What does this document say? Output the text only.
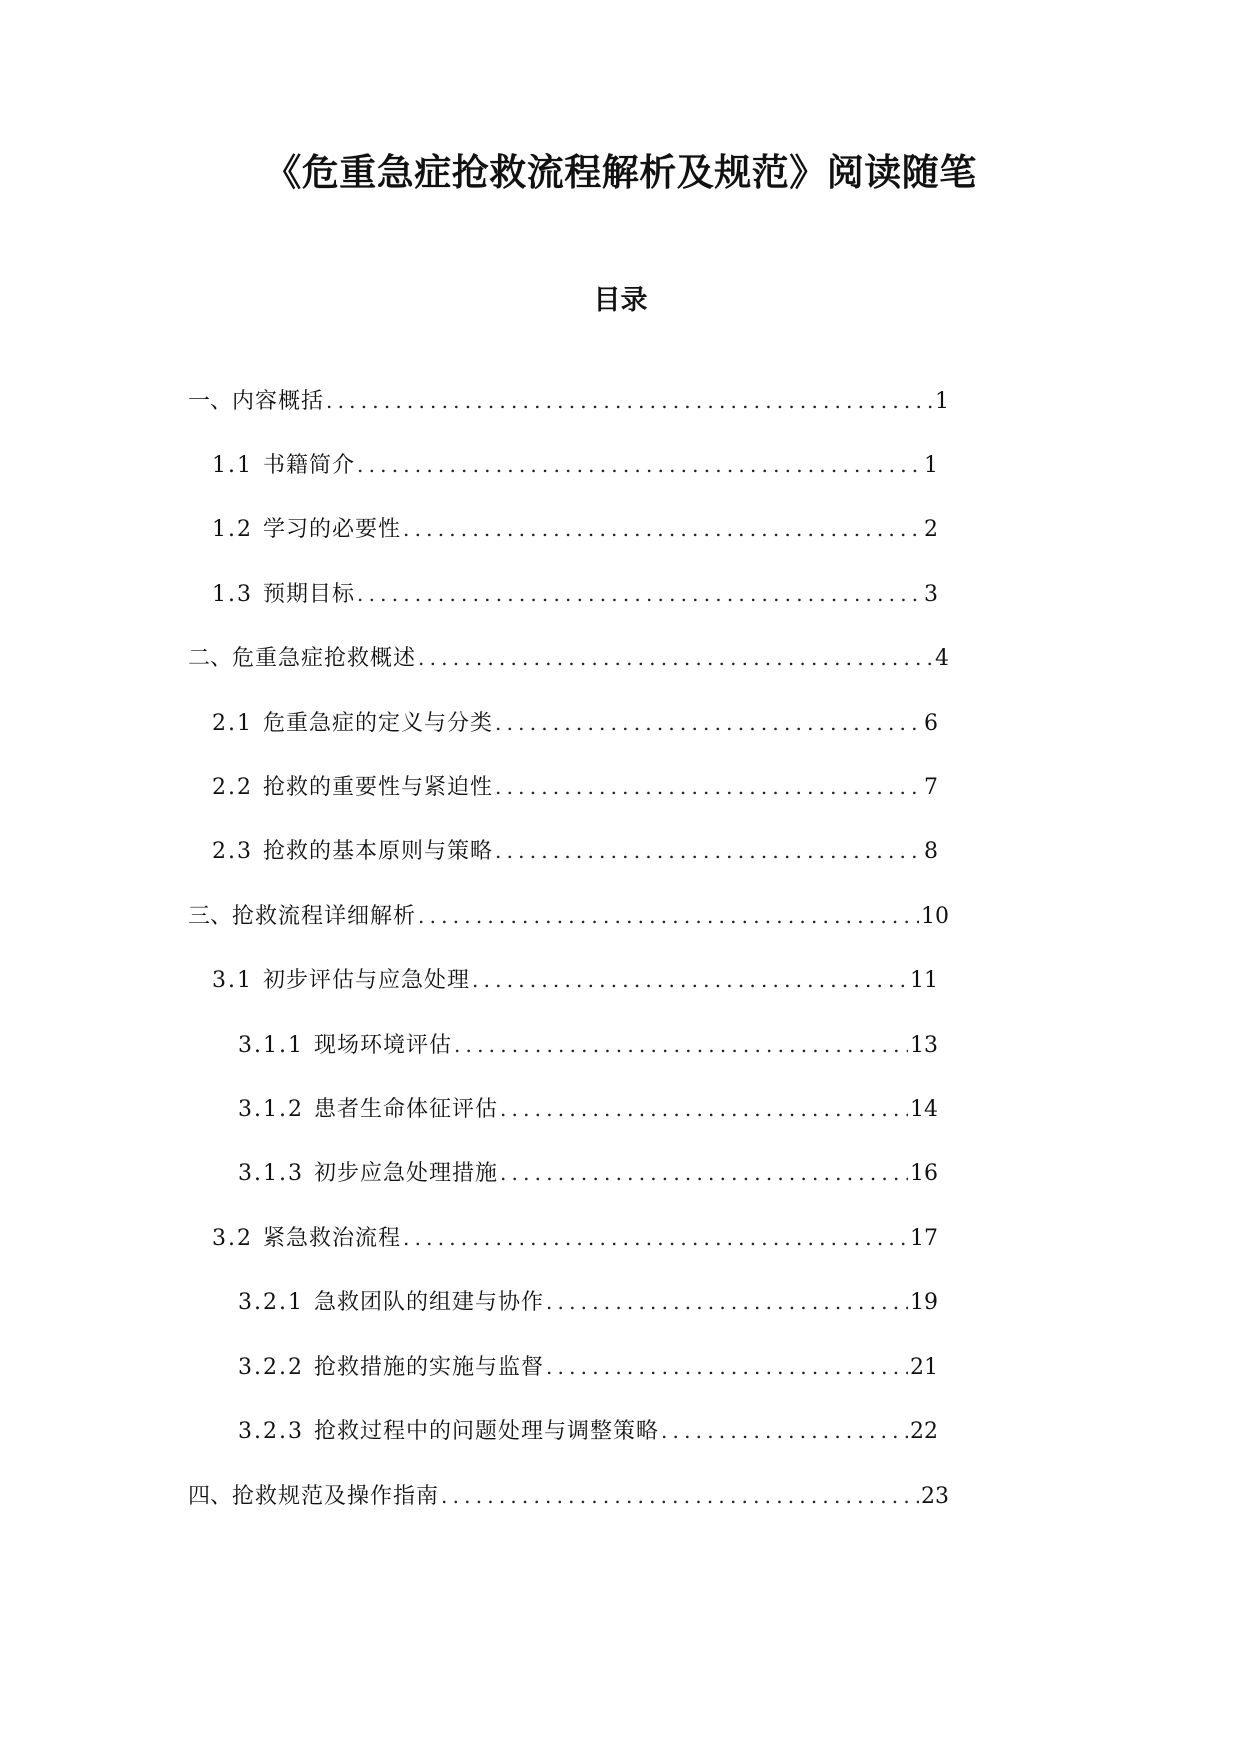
《危重急症抢救流程解析及规范》阅读随笔
目录
一、 内容概括 .....	1
1.1 书籍简介 .....	1
1.2 学习的必要性 .....	2
1.3 预期目标 .....	3
二、 危重急症抢救概述 .....	4
2.1 危重急症的定义与分类 .....	6
2.2 抢救的重要性与紧迫性 .....	7
2.3 抢救的基本原则与策略 .....	8
三、 抢救流程详细解析 .....	10
3.1 初步评估与应急处理 .....	11
3.1.1 现场环境评估 .....	13
3.1.2 患者生命体征评估 .....	14
3.1.3 初步应急处理措施 .....	16
3.2 紧急救治流程 .....	17
3.2.1 急救团队的组建与协作 .....	19
3.2.2 抢救措施的实施与监督 .....	21
3.2.3 抢救过程中的问题处理与调整策略 .....	22
四、 抢救规范及操作指南 .....	23
